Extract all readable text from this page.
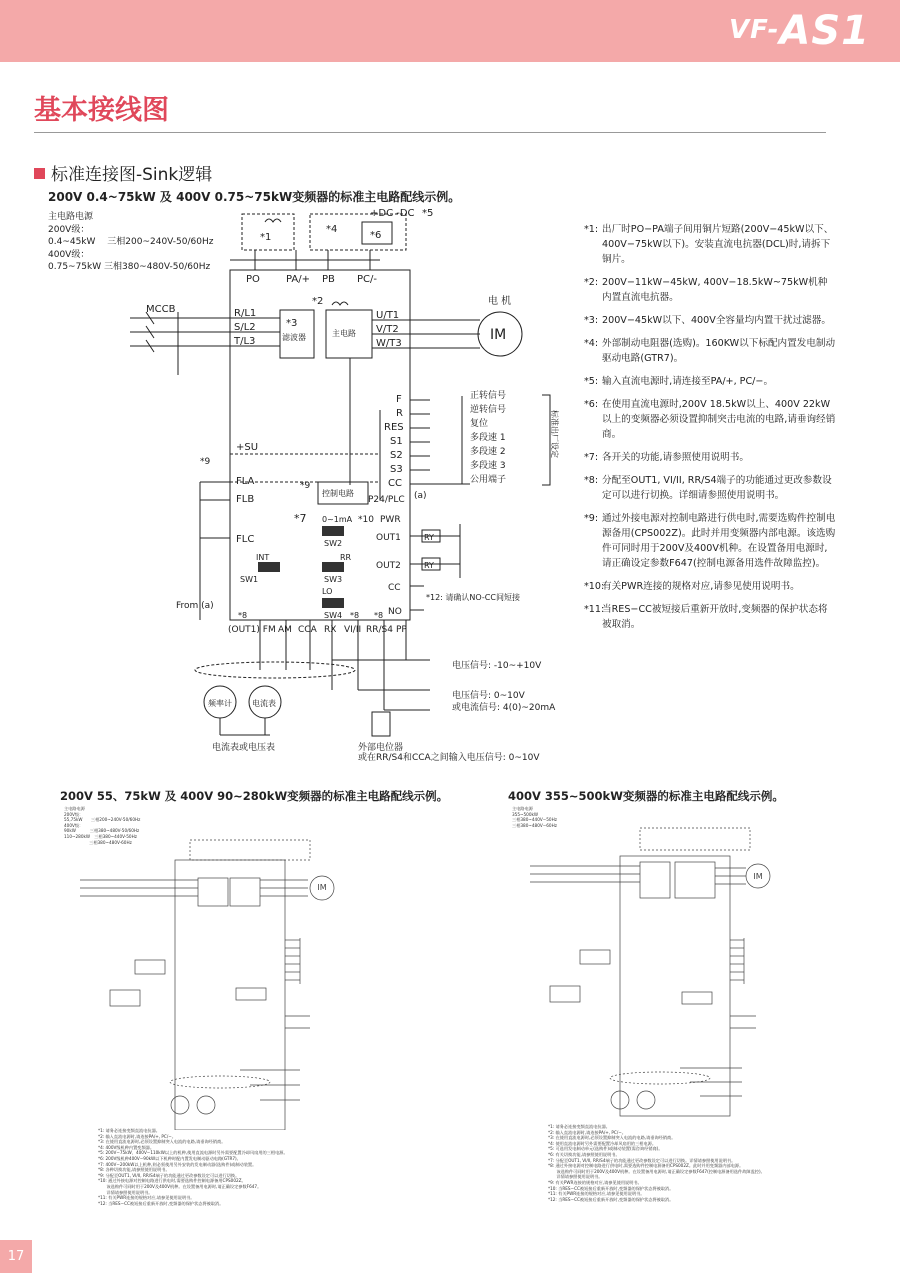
VF-AS1
基本接线图
标准连接图-Sink逻辑
200V 0.4~75kW 及 400V 0.75~75kW变频器的标准主电路配线示例。
主电路电源
200V级：
0.4~45kW　 三相200~240V-50/60Hz
400V级：
0.75~75kW 三相380~480V-50/60Hz
MCCB
PO	PA/+ PB PC/-
+DC -DC *5
*1
*4
*6
*2
*3
R/L1
S/L2
T/L3	滤波器	主电路
U/T1
V/T2
W/T3
电 机
IM
F
R
RES
S1
S2
S3
CC
正转信号
逆转信号
复位
多段速 1
多段速 2
多段速 3
公用端子
标准出厂设定
+SU
*9
FLA
FLB
FLC
控制电路
*9
P24/PLC (a)
*7 0~1mA
SW2
*10 PWR
OUT1
OUT2
RY
RY
INT
SW1
RR
SW3
LO
SW4
CC
*12: 请确认NO-CC间短接
NO
From (a)
*8	*8 *8
(OUT1) FM AM CCA RX VI/II RR/S4 PP
频率计	电流表
电流表或电压表
电压信号: -10~+10V
电压信号: 0~10V
或电流信号: 4(0)~20mA
外部电位器
或在RR/S4和CCA之间输入电压信号: 0~10V
*1: 出厂时PO−PA端子间用铜片短路(200V−45kW以下、400V−75kW以下)。安装直流电抗器(DCL)时,请拆下铜片。
*2: 200V−11kW−45kW, 400V−18.5kW~75kW机种内置直流电抗器。
*3: 200V−45kW以下、400V全容量均内置干扰过滤器。
*4: 外部制动电阻器(选购)。160KW以下标配内置发电制动驱动电路(GTR7)。
*5: 输入直流电源时,请连接至PA/+, PC/−。
*6: 在使用直流电源时,200V 18.5kW以上、400V 22kW以上的变频器必须设置抑制突击电流的电路,请垂询经销商。
*7: 各开关的功能,请参照使用说明书。
*8: 分配至OUT1, VI/II, RR/S4端子的功能通过更改参数设定可以进行切换。详细请参照使用说明书。
*9: 通过外接电源对控制电路进行供电时,需要选购件控制电源备用(CPS002Z)。此时并用变频器内部电源。该选购件可同时用于200V及400V机种。在设置备用电源时,请正确设定参数F647(控制电源备用选件故障监控)。
*10:
有关PWR连接的规格对应,请参见使用说明书。
*11:
当RES−CC被短接后重新开放时,变频器的保护状态将被取消。
200V 55、75kW 及 400V 90~280kW变频器的标准主电路配线示例。
主电路电源
200V级：
55,75kW　　三相200~240V-50/60Hz
400V级：
90kW　　　 三相380~480V-50/60Hz
110~280kW　三相380~440V-50Hz
　　　　　　三相380~480V-60Hz
IM
*1: 请务必连接变频直流电抗器。
*2: 输入直流电源时,请连接PA/+, PC/−。
*3: 在使用直流电源时,必须设置抑制突入电流的电路,请垂询经销商。
*4: 400V级机种内置变频器。
*5: 200V−75kW、400V−110kW以上的机种,使用直流电源时另外需要配置冷却风扇用的三相电源。
*6: 200V级机种400V−90kW以下机种时配内置发电制动驱动电路(GTR7)。
*7: 400V−200kW以上机种,则必须使用另外安装的发电制动器(选购件)或制动装置。
*8: 各种切换功能,请参照使用说明书。
*9: 分配至OUT1, VI/II, RR/S4端子的功能通过更改参数设定可以进行切换。
*10: 通过外接电源对控制电路进行供电时,需要选购件控制电源备用CPS002Z。
　　该选购件可同时用于200V及400V机种。在设置备用电源时,请正确设定参数F647。
　　详情请参照使用说明书。
*11: 有关PWR连接的规格对应,请参见使用说明书。
*12: 当RES−CC被短接后重新开放时,变频器的保护状态将被取消。
400V 355~500kW变频器的标准主电路配线示例。
主电路电源
355~500kW
三相380~440V−50Hz
三相380~480V−60Hz
IM
*1: 请务必连接变频直流电抗器。
*2: 输入直流电源时,请连接PA/+, PC/−。
*3: 在使用直流电源时,必须设置抑制突入电流的电路,请垂询经销商。
*4: 使用直流电源时另外需要配置冷却风扇用的三相电源。
*5: 可选用发电制动单元(选购件)或制动装置(需咨询经销商)。
*6: 有关切换功能,请参照使用说明书。
*7: 分配至OUT1, VI/II, RR/S4端子的功能通过更改参数设定可以进行切换。详情请参照使用说明书。
*8: 通过外接电源对控制电路进行供电时,需要选购件控制电源备用CPS002Z。此时并用变频器内部电源。
　　该选购件可同时用于200V及400V机种。在设置备用电源时,请正确设定参数F647(控制电源备用选件故障监控)。
　　详情请参照使用说明书。
*9: 有关PWR连接的规格对应,请参见使用说明书。
*10: 当RES−CC被短接后重新开放时,变频器的保护状态将被取消。
*11: 有关PWR连接的规格对应,请参见使用说明书。
*12: 当RES−CC被短接后重新开放时,变频器的保护状态将被取消。
17
